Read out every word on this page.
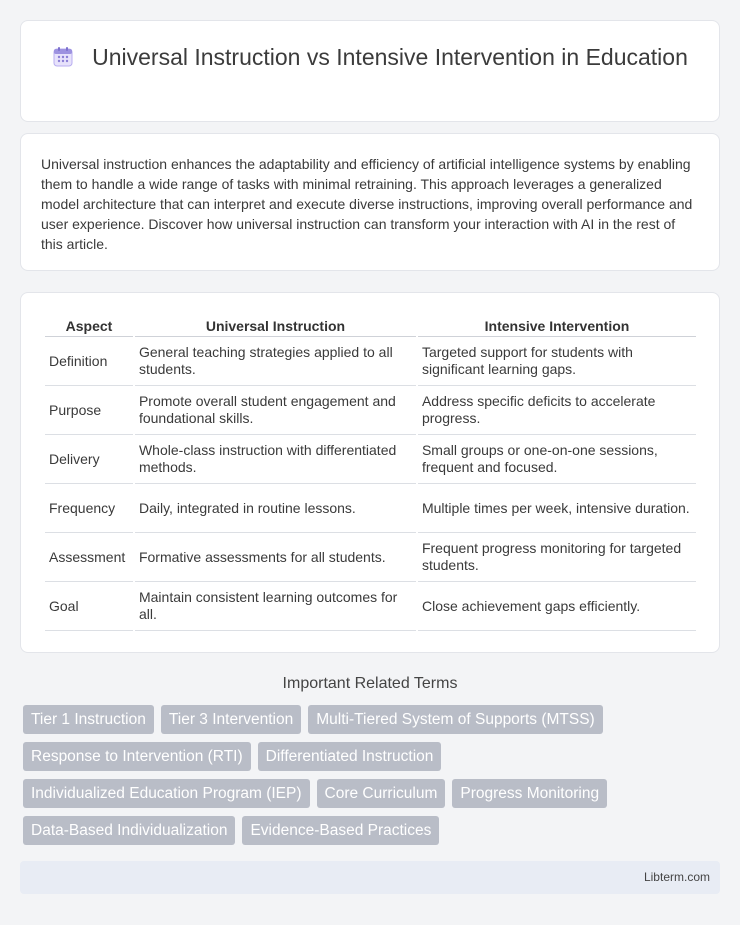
Universal Instruction vs Intensive Intervention in Education

Universal instruction enhances the adaptability and efficiency of artificial intelligence systems by enabling them to handle a wide range of tasks with minimal retraining. This approach leverages a generalized model architecture that can interpret and execute diverse instructions, improving overall performance and user experience. Discover how universal instruction can transform your interaction with AI in the rest of this article.

Aspect	Universal Instruction	Intensive Intervention
Definition	General teaching strategies applied to all students.	Targeted support for students with significant learning gaps.
Purpose	Promote overall student engagement and foundational skills.	Address specific deficits to accelerate progress.
Delivery	Whole-class instruction with differentiated methods.	Small groups or one-on-one sessions, frequent and focused.
Frequency	Daily, integrated in routine lessons.	Multiple times per week, intensive duration.
Assessment	Formative assessments for all students.	Frequent progress monitoring for targeted students.
Goal	Maintain consistent learning outcomes for all.	Close achievement gaps efficiently.
Important Related Terms
Tier 1 Instruction	Tier 3 Intervention	Multi-Tiered System of Supports (MTSS)
Response to Intervention (RTI)	Differentiated Instruction
Individualized Education Program (IEP)	Core Curriculum	Progress Monitoring
Data-Based Individualization	Evidence-Based Practices
Libterm.com
